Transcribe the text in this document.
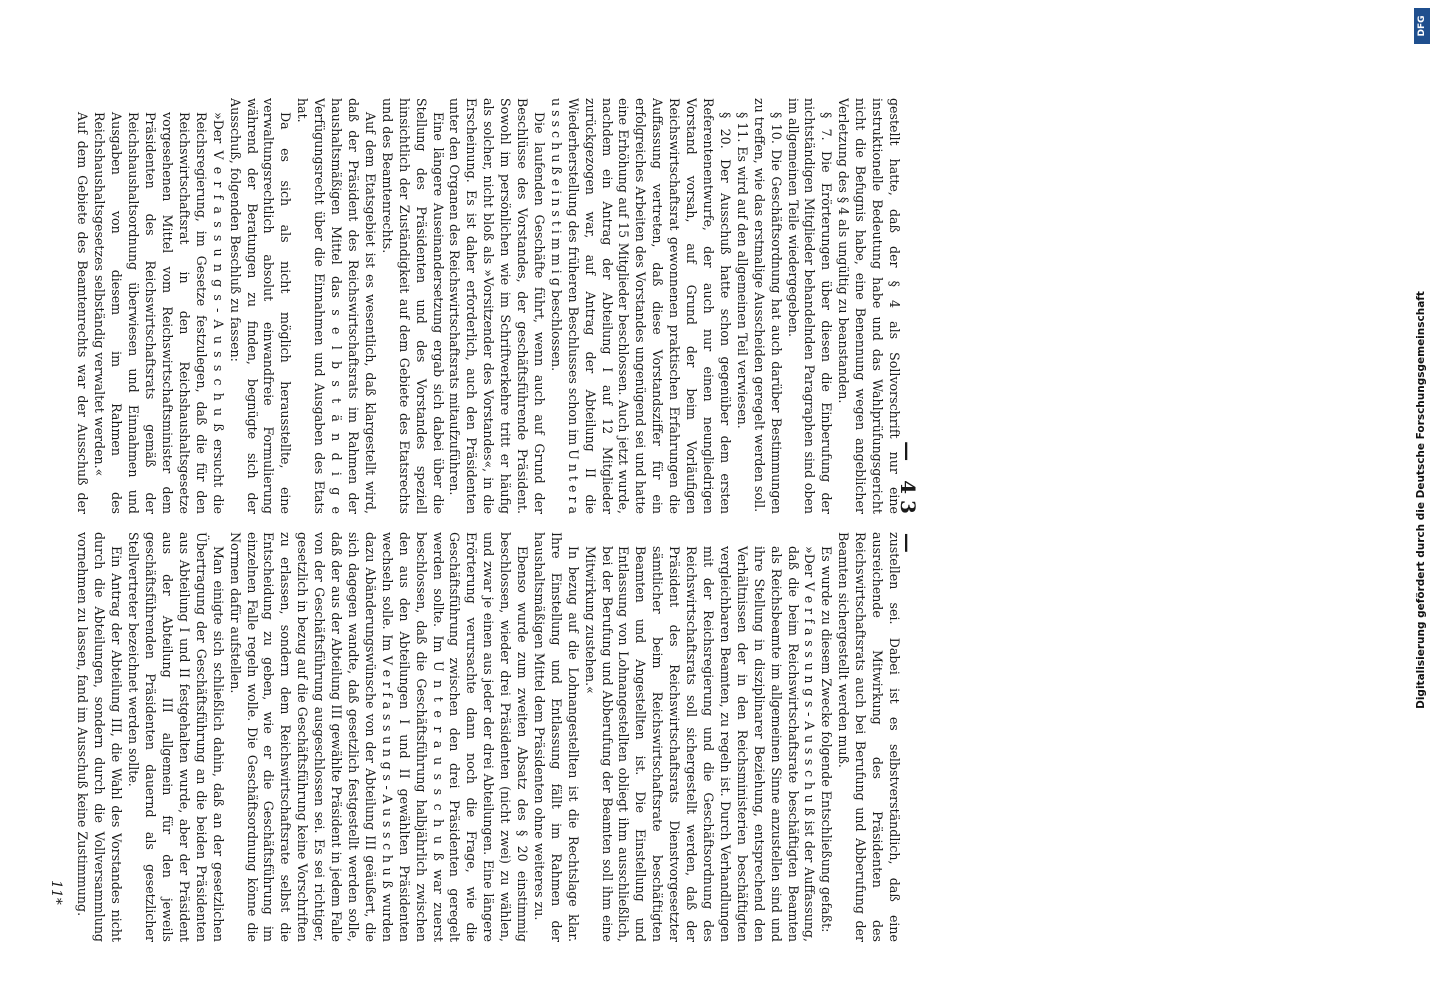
— 43 —

gestellt hatte, daß der § 4 als Sollvorschrift nur eine instruktionelle Bedeutung habe und das Wahlprüfungsgericht nicht die Befugnis habe, eine Benennung wegen angeblicher Verletzung des § 4 als ungültig zu beanstanden.

§ 7. Die Erörterungen über diesen die Einberufung der nichtständigen Mitglieder behandelnden Paragraphen sind oben im allgemeinen Teile wiedergegeben.

§ 10. Die Geschäftsordnung hat auch darüber Bestimmungen zu treffen, wie das erstmalige Ausscheiden geregelt werden soll.

§ 11. Es wird auf den allgemeinen Teil verwiesen.

§ 20. Der Ausschuß hatte schon gegenüber dem ersten Referentenentwurfe, der auch nur einen neungliedrigen Vorstand vorsah, auf Grund der beim Vorläufigen Reichswirtschaftsrat gewonnenen praktischen Erfahrungen die Auffassung vertreten, daß diese Vorstandsziffer für ein erfolgreiches Arbeiten des Vorstandes ungenügend sei und hatte eine Erhöhung auf 15 Mitglieder beschlossen. Auch jetzt wurde, nachdem ein Antrag der Abteilung I auf 12 Mitglieder zurückgezogen war, auf Antrag der Abteilung II die Wiederherstellung des früheren Beschlusses schon im U n t e r a u s s c h u ß e i n s t i m m i g beschlossen.

Die laufenden Geschäfte führt, wenn auch auf Grund der Beschlüsse des Vorstandes, der geschäftsführende Präsident. Sowohl im persönlichen wie im Schriftverkehre tritt er häufig als solcher, nicht bloß als »Vorsitzender des Vorstandes«, in die Erscheinung. Es ist daher erforderlich, auch den Präsidenten unter den Organen des Reichswirtschaftsrats mitaufzuführen.

Eine längere Auseinandersetzung ergab sich dabei über die Stellung des Präsidenten und des Vorstandes speziell hinsichtlich der Zuständigkeit auf dem Gebiete des Etatsrechts und des Beamtenrechts.

Auf dem Etatsgebiet ist es wesentlich, daß klargestellt wird, daß der Präsident des Reichswirtschaftsrats im Rahmen der haushaltsmäßigen Mittel das s e l b s t ä n d i g e Verfügungsrecht über die Einnahmen und Ausgaben des Etats hat.

Da es sich als nicht möglich herausstellte, eine verwaltungsrechtlich absolut einwandfreie Formulierung während der Beratungen zu finden, begnügte sich der Ausschuß, folgenden Beschluß zu fassen:

»Der V e r f a s s u n g s - A u s s c h u ß ersucht die Reichsregierung, im Gesetze festzulegen, daß die für den Reichswirtschaftsrat in den Reichshaushaltsgesetze vorgesehenen Mittel vom Reichswirtschaftsminister dem Präsidenten des Reichswirtschaftsrats gemäß der Reichshaushaltsordnung überwiesen und Einnahmen und Ausgaben von diesem im Rahmen des Reichshaushaltsgesetzes selbständig verwaltet werden.«

Auf dem Gebiete des Beamtenrechts war der Ausschuß der

zustellen sei. Dabei ist es selbstverständlich, daß eine ausreichende Mitwirkung des Präsidenten des Reichswirtschaftsrats auch bei Berufung und Abberufung der Beamten sichergestellt werden muß.

Es wurde zu diesem Zwecke folgende Entschließung gefaßt:

»Der V e r f a s s u n g s - A u s s c h u ß ist der Auffassung, daß die beim Reichswirtschaftsrate beschäftigten Beamten als Reichsbeamte im allgemeinen Sinne anzustellen sind und ihre Stellung in disziplinarer Beziehung, entsprechend den Verhältnissen der in den Reichsministerien beschäftigten vergleichbaren Beamten, zu regeln ist. Durch Verhandlungen mit der Reichsregierung und die Geschäftsordnung des Reichswirtschaftsrats soll sichergestellt werden, daß der Präsident des Reichswirtschaftsrats Dienstvorgesetzter sämtlicher beim Reichswirtschaftsrate beschäftigten Beamten und Angestellten ist. Die Einstellung und Entlassung von Lohnangestellten obliegt ihm ausschließlich, bei der Berufung und Abberufung der Beamten soll ihm eine Mitwirkung zustehen.«

In bezug auf die Lohnangestellten ist die Rechtslage klar. Ihre Einstellung und Entlassung fällt im Rahmen der haushaltsmäßigen Mittel dem Präsidenten ohne weiteres zu.

Ebenso wurde zum zweiten Absatz des § 20 einstimmig beschlossen, wieder drei Präsidenten (nicht zwei) zu wählen, und zwar je einen aus jeder der drei Abteilungen. Eine längere Erörterung verursachte dann noch die Frage, wie die Geschäftsführung zwischen den drei Präsidenten geregelt werden sollte. Im U n t e r a u s s c h u ß war zuerst beschlossen, daß die Geschäftsführung halbjährlich zwischen den aus den Abteilungen I und II gewählten Präsidenten wechseln solle. Im V e r f a s s u n g s - A u s s c h u ß wurden dazu Abänderungswünsche von der Abteilung III geäußert, die sich dagegen wandte, daß gesetzlich festgestellt werden solle, daß der aus der Abteilung III gewählte Präsident in jedem Falle von der Geschäftsführung ausgeschlossen sei. Es sei richtiger, gesetzlich in bezug auf die Geschäftsführung keine Vorschriften zu erlassen, sondern dem Reichswirtschaftsrate selbst die Entscheidung zu geben, wie er die Geschäftsführung im einzelnen Falle regeln wolle. Die Geschäftsordnung könne die Normen dafür aufstellen.

Man einigte sich schließlich dahin, daß an der gesetzlichen Übertragung der Geschäftsführung an die beiden Präsidenten aus Abteilung I und II festgehalten wurde, aber der Präsident aus der Abteilung III allgemein für den jeweils geschäftsführenden Präsidenten dauernd als gesetzlicher Stellvertreter bezeichnet werden sollte.

Ein Antrag der Abteilung III, die Wahl des Vorstandes nicht durch die Abteilungen, sondern durch die Vollversammlung vornehmen zu lassen, fand im Ausschuß keine Zustimmung.

11*
Digitalisierung gefördert durch die Deutsche Forschungsgemeinschaft
DFG
